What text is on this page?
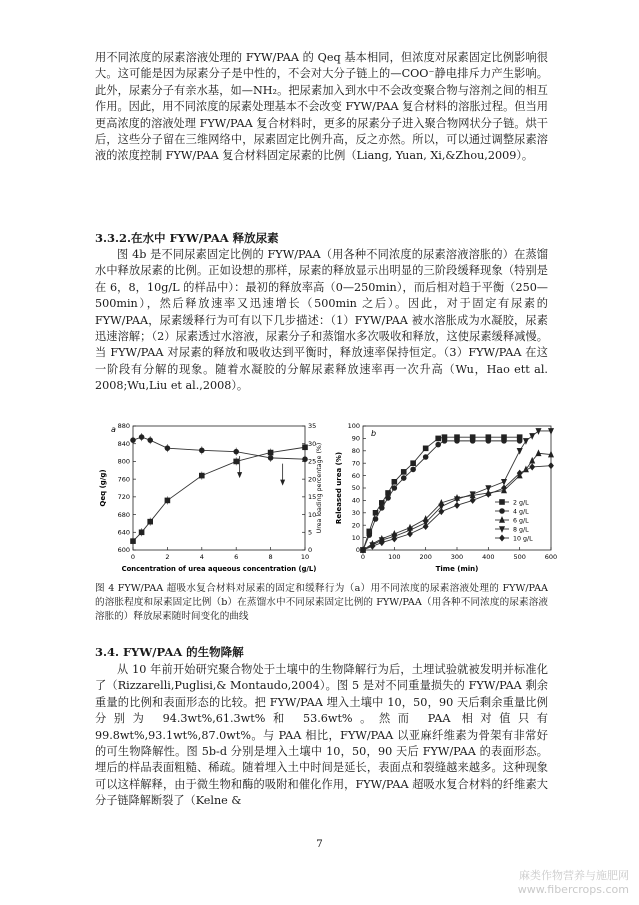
用不同浓度的尿素溶液处理的 FYW/PAA 的 Qeq 基本相同，但浓度对尿素固定比例影响很大。这可能是因为尿素分子是中性的，不会对大分子链上的—COO⁻静电排斥力产生影响。此外，尿素分子有亲水基，如—NH₂。把尿素加入到水中不会改变聚合物与溶剂之间的相互作用。因此，用不同浓度的尿素处理基本不会改变 FYW/PAA 复合材料的溶胀过程。但当用更高浓度的溶液处理 FYW/PAA 复合材料时，更多的尿素分子进入聚合物网状分子链。烘干后，这些分子留在三维网络中，尿素固定比例升高，反之亦然。所以，可以通过调整尿素溶液的浓度控制 FYW/PAA 复合材料固定尿素的比例（Liang, Yuan, Xi,&Zhou,2009）。

3.3.2.在水中 FYW/PAA 释放尿素

图 4b 是不同尿素固定比例的 FYW/PAA（用各种不同浓度的尿素溶液溶胀的）在蒸馏水中释放尿素的比例。正如设想的那样，尿素的释放显示出明显的三阶段缓释现象（特别是在 6，8，10g/L 的样品中）：最初的释放率高（0—250min），而后相对趋于平衡（250—500min），然后释放速率又迅速增长（500min 之后）。因此，对于固定有尿素的 FYW/PAA，尿素缓释行为可有以下几步描述：（1）FYW/PAA 被水溶胀成为水凝胶，尿素迅速溶解；（2）尿素透过水溶液，尿素分子和蒸馏水多次吸收和释放，这使尿素缓释减慢。当 FYW/PAA 对尿素的释放和吸收达到平衡时，释放速率保持恒定。（3）FYW/PAA 在这一阶段有分解的现象。随着水凝胶的分解尿素释放速率再一次升高（Wu，Hao ett al. 2008;Wu,Liu et al.,2008）。

a
0	2	4	6	8	10
600
640
680
720
760
800
840
880
0
5
10
15
20
25
30
35
Concentration of urea aqueous concentration (g/L)
Qeq (g/g)	Urea loading percentage (%)
b
0	100	200	300	400	500	600
0
10
20
30
40
50
60
70
80
90
100
Time (min)
Released urea (%)	2 g/L
4 g/L
6 g/L
8 g/L
10 g/L

图 4 FYW/PAA 超吸水复合材料对尿素的固定和缓释行为（a）用不同浓度的尿素溶液处理的 FYW/PAA 的溶胀程度和尿素固定比例（b）在蒸馏水中不同尿素固定比例的 FYW/PAA（用各种不同浓度的尿素溶液溶胀的）释放尿素随时间变化的曲线

3.4. FYW/PAA 的生物降解

从 10 年前开始研究聚合物处于土壤中的生物降解行为后，土埋试验就被发明并标准化了（Rizzarelli,Puglisi,& Montaudo,2004）。图 5 是对不同重量损失的 FYW/PAA 剩余重量的比例和表面形态的比较。把 FYW/PAA 埋入土壤中 10，50，90 天后剩余重量比例分别为 94.3wt%,61.3wt%和 53.6wt%。然而 PAA 相对值只有 99.8wt%,93.1wt%,87.0wt%。与 PAA 相比，FYW/PAA 以亚麻纤维素为骨架有非常好的可生物降解性。图 5b-d 分别是埋入土壤中 10，50，90 天后 FYW/PAA 的表面形态。埋后的样品表面粗糙、稀疏。随着埋入土中时间是延长，表面点和裂缝越来越多。这种现象可以这样解释，由于微生物和酶的吸附和催化作用，FYW/PAA 超吸水复合材料的纤维素大分子链降解断裂了（Kelne &

7
麻类作物营养与施肥网
www.fibercrops.com
